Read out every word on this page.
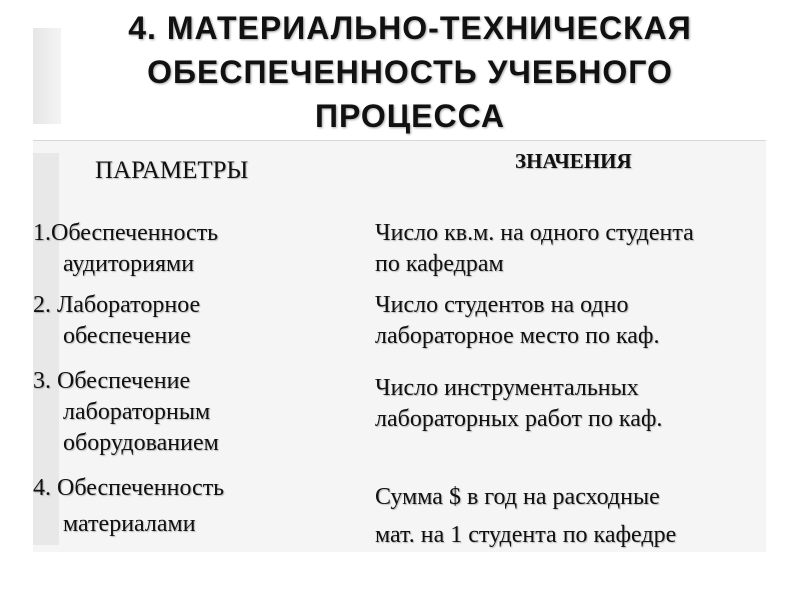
4. МАТЕРИАЛЬНО-ТЕХНИЧЕСКАЯ
ОБЕСПЕЧЕННОСТЬ УЧЕБНОГО
ПРОЦЕССА
ПАРАМЕТРЫ	ЗНАЧЕНИЯ
1.Обеспеченность
аудиториями
Число кв.м. на одного студента
по кафедрам
2. Лабораторное
обеспечение
Число студентов на одно
лабораторное место по каф.
3. Обеспечение
лабораторным
оборудованием
Число инструментальных
лабораторных работ по каф.
4. Обеспеченность
материалами
Сумма $ в год на расходные
мат. на 1 студента по кафедре
